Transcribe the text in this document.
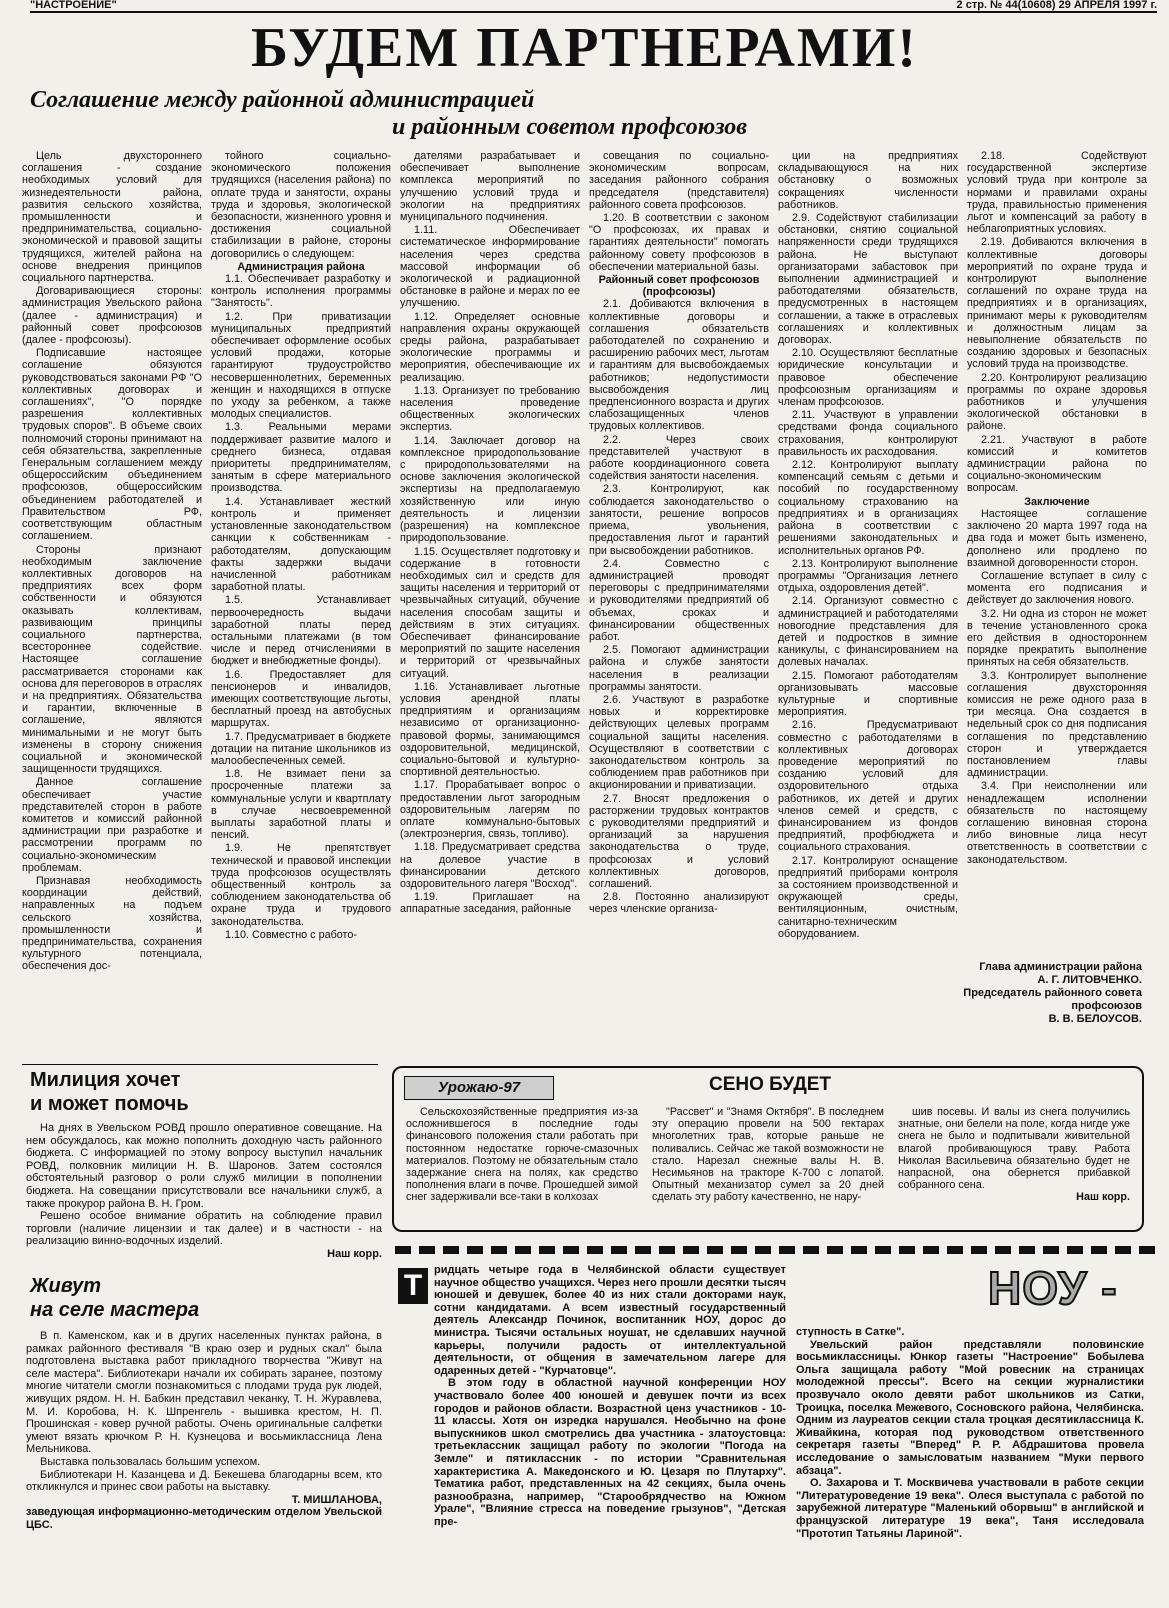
"НАСТРОЕНИЕ"	2 стр. № 44(10608) 29 АПРЕЛЯ 1997 г.
БУДЕМ ПАРТНЕРАМИ!
Соглашение между районной администрацией
и районным советом профсоюзов

Цель двухстороннего соглашения - создание необходимых условий для жизнедеятельности района, развития сельского хозяйства, промышленности и предпринимательства, социально-экономической и правовой защиты трудящихся, жителей района на основе внедрения принципов социального партнерства.

Договаривающиеся стороны: администрация Увельского района (далее - администрация) и районный совет профсоюзов (далее - профсоюзы).

Подписавшие настоящее соглашение обязуются руководствоваться законами РФ "О коллективных договорах и соглашениях", "О порядке разрешения коллективных трудовых споров". В объеме своих полномочий стороны принимают на себя обязательства, закрепленные Генеральным соглашением между общероссийским объединением профсоюзов, общероссийским объединением работодателей и Правительством РФ, соответствующим областным соглашением.

Стороны признают необходимым заключение коллективных договоров на предприятиях всех форм собственности и обязуются оказывать коллективам, развивающим принципы социального партнерства, всестороннее содействие. Настоящее соглашение рассматривается сторонами как основа для переговоров в отраслях и на предприятиях. Обязательства и гарантии, включенные в соглашение, являются минимальными и не могут быть изменены в сторону снижения социальной и экономической защищенности трудящихся.

Данное соглашение обеспечивает участие представителей сторон в работе комитетов и комиссий районной администрации при разработке и рассмотрении программ по социально-экономическим проблемам.

Признавая необходимость координации действий, направленных на подъем сельского хозяйства, промышленности и предпринимательства, сохранения культурного потенциала, обеспечения дос-

тойного социально-экономического положения трудящихся (населения района) по оплате труда и занятости, охраны труда и здоровья, экологической безопасности, жизненного уровня и достижения социальной стабилизации в районе, стороны договорились о следующем:

Администрация района

1.1. Обеспечивает разработку и контроль исполнения программы "Занятость".

1.2. При приватизации муниципальных предприятий обеспечивает оформление особых условий продажи, которые гарантируют трудоустройство несовершеннолетних, беременных женщин и находящихся в отпуске по уходу за ребенком, а также молодых специалистов.

1.3. Реальными мерами поддерживает развитие малого и среднего бизнеса, отдавая приоритеты предпринимателям, занятым в сфере материального производства.

1.4. Устанавливает жесткий контроль и применяет установленные законодательством санкции к собственникам - работодателям, допускающим факты задержки выдачи начисленной работникам заработной платы.

1.5. Устанавливает первоочередность выдачи заработной платы перед остальными платежами (в том числе и перед отчислениями в бюджет и внебюджетные фонды).

1.6. Предоставляет для пенсионеров и инвалидов, имеющих соответствующие льготы, бесплатный проезд на автобусных маршрутах.

1.7. Предусматривает в бюджете дотации на питание школьников из малообеспеченных семей.

1.8. Не взимает пени за просроченные платежи за коммунальные услуги и квартплату в случае несвоевременной выплаты заработной платы и пенсий.

1.9. Не препятствует технической и правовой инспекции труда профсоюзов осуществлять общественный контроль за соблюдением законодательства об охране труда и трудового законодательства.

1.10. Совместно с работо-

дателями разрабатывает и обеспечивает выполнение комплекса мероприятий по улучшению условий труда и экологии на предприятиях муниципального подчинения.

1.11. Обеспечивает систематическое информирование населения через средства массовой информации об экологической и радиационной обстановке в районе и мерах по ее улучшению.

1.12. Определяет основные направления охраны окружающей среды района, разрабатывает экологические программы и мероприятия, обеспечивающие их реализацию.

1.13. Организует по требованию населения проведение общественных экологических экспертиз.

1.14. Заключает договор на комплексное природопользование с природопользователями на основе заключения экологической экспертизы на предполагаемую хозяйственную или иную деятельность и лицензии (разрешения) на комплексное природопользование.

1.15. Осуществляет подготовку и содержание в готовности необходимых сил и средств для защиты населения и территорий от чрезвычайных ситуаций, обучение населения способам защиты и действиям в этих ситуациях. Обеспечивает финансирование мероприятий по защите населения и территорий от чрезвычайных ситуаций.

1.16. Устанавливает льготные условия арендной платы предприятиям и организациям независимо от организационно-правовой формы, занимающимся оздоровительной, медицинской, социально-бытовой и культурно-спортивной деятельностью.

1.17. Прорабатывает вопрос о предоставлении льгот загородным оздоровительным лагерям по оплате коммунально-бытовых (электроэнергия, связь, топливо).

1.18. Предусматривает средства на долевое участие в финансировании детского оздоровительного лагеря "Восход".

1.19. Приглашает на аппаратные заседания, районные

совещания по социально-экономическим вопросам, заседания районного собрания председателя (представителя) районного совета профсоюзов.

1.20. В соответствии с законом "О профсоюзах, их правах и гарантиях деятельности" помогать районному совету профсоюзов в обеспечении материальной базы.

Районный совет профсоюзов (профсоюзы)

2.1. Добиваются включения в коллективные договоры и соглашения обязательств работодателей по сохранению и расширению рабочих мест, льготам и гарантиям для высвобождаемых работников; недопустимости высвобождения лиц предпенсионного возраста и других слабозащищенных членов трудовых коллективов.

2.2. Через своих представителей участвуют в работе координационного совета содействия занятости населения.

2.3. Контролируют, как соблюдается законодательство о занятости, решение вопросов приема, увольнения, предоставления льгот и гарантий при высвобождении работников.

2.4. Совместно с администрацией проводят переговоры с предпринимателями и руководителями предприятий об объемах, сроках и финансировании общественных работ.

2.5. Помогают администрации района и службе занятости населения в реализации программы занятости.

2.6. Участвуют в разработке новых и корректировке действующих целевых программ социальной защиты населения. Осуществляют в соответствии с законодательством контроль за соблюдением прав работников при акционировании и приватизации.

2.7. Вносят предложения о расторжении трудовых контрактов с руководителями предприятий и организаций за нарушения законодательства о труде, профсоюзах и условий коллективных договоров, соглашений.

2.8. Постоянно анализируют через членские организа-

ции на предприятиях складывающуюся на них обстановку о возможных сокращениях численности работников.

2.9. Содействуют стабилизации обстановки, снятию социальной напряженности среди трудящихся района. Не выступают организаторами забастовок при выполнении администрацией и работодателями обязательств, предусмотренных в настоящем соглашении, а также в отраслевых соглашениях и коллективных договорах.

2.10. Осуществляют бесплатные юридические консультации и правовое обеспечение профсоюзным организациям и членам профсоюзов.

2.11. Участвуют в управлении средствами фонда социального страхования, контролируют правильность их расходования.

2.12. Контролируют выплату компенсаций семьям с детьми и пособий по государственному социальному страхованию на предприятиях и в организациях района в соответствии с решениями законодательных и исполнительных органов РФ.

2.13. Контролируют выполнение программы "Организация летнего отдыха, оздоровления детей".

2.14. Организуют совместно с администрацией и работодателями новогодние представления для детей и подростков в зимние каникулы, с финансированием на долевых началах.

2.15. Помогают работодателям организовывать массовые культурные и спортивные мероприятия.

2.16. Предусматривают совместно с работодателями в коллективных договорах проведение мероприятий по созданию условий для оздоровительного отдыха работников, их детей и других членов семей и средств, с финансированием из фондов предприятий, профбюджета и социального страхования.

2.17. Контролируют оснащение предприятий приборами контроля за состоянием производственной и окружающей среды, вентиляционным, очистным, санитарно-техническим оборудованием.

2.18. Содействуют государственной экспертизе условий труда при контроле за нормами и правилами охраны труда, правильностью применения льгот и компенсаций за работу в неблагоприятных условиях.

2.19. Добиваются включения в коллективные договоры мероприятий по охране труда и контролируют выполнение соглашений по охране труда на предприятиях и в организациях, принимают меры к руководителям и должностным лицам за невыполнение обязательств по созданию здоровых и безопасных условий труда на производстве.

2.20. Контролируют реализацию программы по охране здоровья работников и улучшения экологической обстановки в районе.

2.21. Участвуют в работе комиссий и комитетов администрации района по социально-экономическим вопросам.

Заключение

Настоящее соглашение заключено 20 марта 1997 года на два года и может быть изменено, дополнено или продлено по взаимной договоренности сторон.

Соглашение вступает в силу с момента его подписания и действует до заключения нового.

3.2. Ни одна из сторон не может в течение установленного срока его действия в одностороннем порядке прекратить выполнение принятых на себя обязательств.

3.3. Контролирует выполнение соглашения двухсторонняя комиссия не реже одного раза в три месяца. Она создается в недельный срок со дня подписания соглашения по представлению сторон и утверждается постановлением главы администрации.

3.4. При неисполнении или ненадлежащем исполнении обязательств по настоящему соглашению виновная сторона либо виновные лица несут ответственность в соответствии с законодательством.

Глава администрации района
А. Г. ЛИТОВЧЕНКО.
Председатель районного совета профсоюзов
В. В. БЕЛОУСОВ.
Милиция хочет
и может помочь

На днях в Увельском РОВД прошло оперативное совещание. На нем обсуждалось, как можно пополнить доходную часть районного бюджета. С информацией по этому вопросу выступил начальник РОВД, полковник милиции Н. В. Шаронов. Затем состоялся обстоятельный разговор о роли служб милиции в пополнении бюджета. На совещании присутствовали все начальники служб, а также прокурор района В. Н. Гром.

Решено особое внимание обратить на соблюдение правил торговли (наличие лицензии и так далее) и в частности - на реализацию винно-водочных изделий.

Наш корр.

Живут
на селе мастера

В п. Каменском, как и в других населенных пунктах района, в рамках районного фестиваля "В краю озер и рудных скал" была подготовлена выставка работ прикладного творчества "Живут на селе мастера". Библиотекари начали их собирать заранее, поэтому многие читатели смогли познакомиться с плодами труда рук людей, живущих рядом. Н. Н. Бабкин представил чеканку, Т. Н. Журавлева, М. И. Коробова, Н. К. Шпренгель - вышивка крестом, Н. П. Прошинская - ковер ручной работы. Очень оригинальные салфетки умеют вязать крючком Р. Н. Кузнецова и восьмиклассница Лена Мельникова.

Выставка пользовалась большим успехом.

Библиотекари Н. Казанцева и Д. Бекешева благодарны всем, кто откликнулся и принес свои работы на выставку.

Т. МИШЛАНОВА,

заведующая информационно-методическим отделом Увельской ЦБС.

Урожаю-97	СЕНО БУДЕТ

Сельскохозяйственные предприятия из-за осложнившегося в последние годы финансового положения стали работать при постоянном недостатке горюче-смазочных материалов. Поэтому не обязательным стало задержание снега на полях, как средство пополнения влаги в почве. Прошедшей зимой снег задерживали все-таки в колхозах

"Рассвет" и "Знамя Октября". В последнем эту операцию провели на 500 гектарах многолетних трав, которые раньше не поливались. Сейчас же такой возможности не стало. Нарезал снежные валы Н. В. Несимьянов на тракторе К-700 с лопатой. Опытный механизатор сумел за 20 дней сделать эту работу качественно, не нару-

шив посевы. И валы из снега получились знатные, они белели на поле, когда нигде уже снега не было и подпитывали живительной влагой пробивающуюся траву. Работа Николая Васильевича обязательно будет не напрасной, она обернется прибавкой собранного сена.

Наш корр.

Т	НОУ -

ридцать четыре года в Челябинской области существует научное общество учащихся. Через него прошли десятки тысяч юношей и девушек, более 40 из них стали докторами наук, сотни кандидатами. А всем известный государственный деятель Александр Починок, воспитанник НОУ, дорос до министра. Тысячи остальных ноушат, не сделавших научной карьеры, получили радость от интеллектуальной деятельности, от общения в замечательном лагере для одаренных детей - "Курчатовце".

В этом году в областной научной конференции НОУ участвовало более 400 юношей и девушек почти из всех городов и районов области. Возрастной ценз участников - 10-11 классы. Хотя он изредка нарушался. Необычно на фоне выпускников школ смотрелись два участника - златоустовца: третьеклассник защищал работу по экологии "Погода на Земле" и пятиклассник - по истории "Сравнительная характеристика А. Македонского и Ю. Цезаря по Плутарху". Тематика работ, представленных на 42 секциях, была очень разнообразна, например, "Старообрядчество на Южном Урале", "Влияние стресса на поведение грызунов", "Детская пре-

ступность в Сатке".

Увельский район представляли половинские восьмиклассницы. Юнкор газеты "Настроение" Бобылева Ольга защищала работу "Мой ровесник на страницах молодежной прессы". Всего на секции журналистики прозвучало около девяти работ школьников из Сатки, Троицка, поселка Межевого, Сосновского района, Челябинска. Одним из лауреатов секции стала троцкая десятиклассница К. Живайкина, которая под руководством ответственного секретаря газеты "Вперед" Р. Р. Абдрашитова провела исследование о замысловатым названием "Муки первого абзаца".

О. Захарова и Т. Москвичева участвовали в работе секции "Литературоведение 19 века". Олеся выступала с работой по зарубежной литературе "Маленький оборвыш" в английской и французской литературе 19 века", Таня исследовала "Прототип Татьяны Лариной".
